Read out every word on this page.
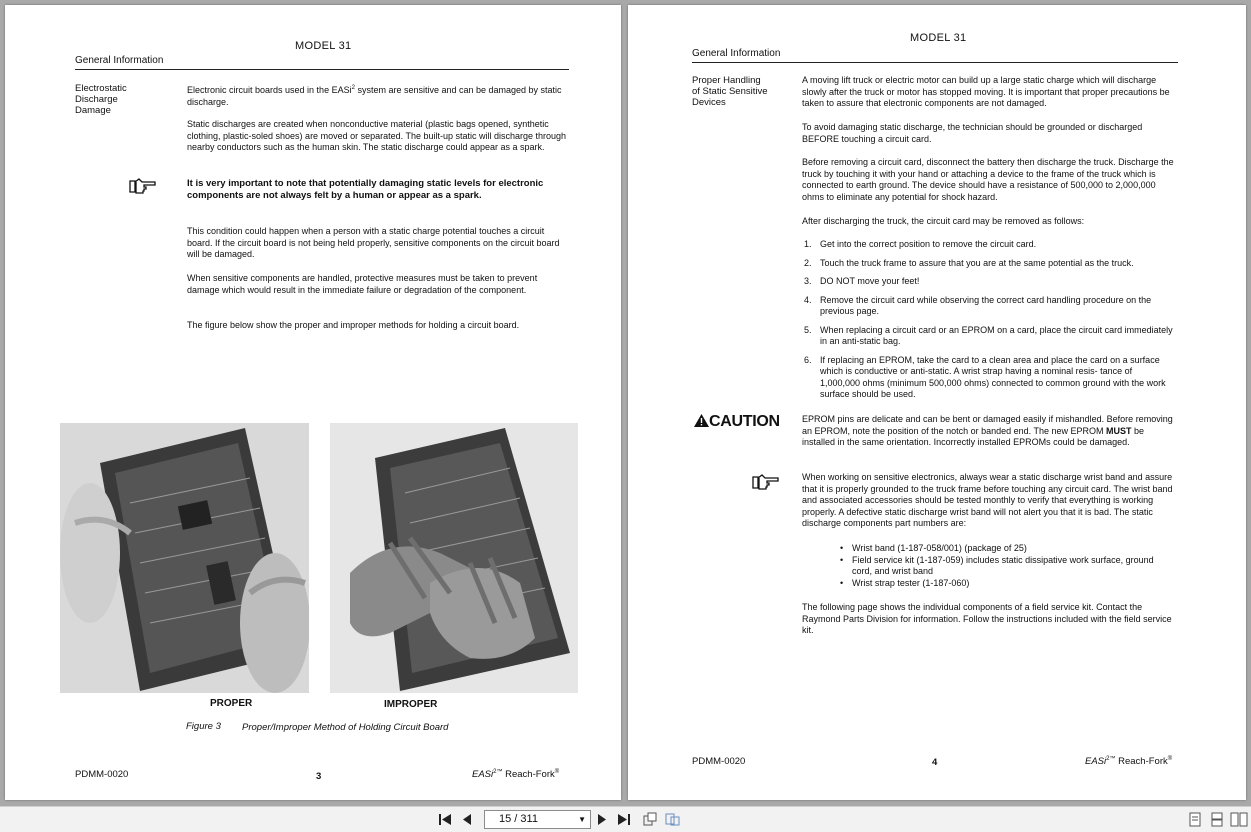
MODEL 31
General Information
Electrostatic
Discharge
Damage
Electronic circuit boards used in the EASi$^2$ system are sensitive and can be damaged by static discharge.
Static discharges are created when nonconductive material (plastic bags opened, synthetic clothing, plastic-soled shoes) are moved or separated. The built-up static will discharge through nearby conductors such as the human skin. The static discharge could appear as a spark.
It is very important to note that potentially damaging static levels for electronic components are not always felt by a human or appear as a spark.
This condition could happen when a person with a static charge potential touches a circuit board. If the circuit board is not being held properly, sensitive components on the circuit board will be damaged.
When sensitive components are handled, protective measures must be taken to prevent damage which would result in the immediate failure or degradation of the component.
The figure below show the proper and improper methods for holding a circuit board.
PROPER	IMPROPER
Figure 3 Proper/Improper Method of Holding Circuit Board
PDMM-0020	3	EASi$^{2™}$ Reach-Fork®
MODEL 31
General Information
Proper Handling
of Static Sensitive
Devices
A moving lift truck or electric motor can build up a large static charge which will discharge slowly after the truck or motor has stopped moving. It is important that proper precautions be taken to assure that electronic components are not damaged.
To avoid damaging static discharge, the technician should be grounded or discharged BEFORE touching a circuit card.
Before removing a circuit card, disconnect the battery then discharge the truck. Discharge the truck by touching it with your hand or attaching a device to the frame of the truck which is connected to earth ground. The device should have a resistance of 500,000 to 2,000,000 ohms to eliminate any potential for shock hazard.
After discharging the truck, the circuit card may be removed as follows:
1. Get into the correct position to remove the circuit card.
2. Touch the truck frame to assure that you are at the same potential as the truck.
3. DO NOT move your feet!
4. Remove the circuit card while observing the correct card handling procedure on the previous page.
5. When replacing a circuit card or an EPROM on a card, place the circuit card immediately in an anti-static bag.
6. If replacing an EPROM, take the card to a clean area and place the card on a surface which is conductive or anti-static. A wrist strap having a nominal resis- tance of 1,000,000 ohms (minimum 500,000 ohms) connected to common ground with the work surface should be used.
CAUTION EPROM pins are delicate and can be bent or damaged easily if mishandled. Before removing an EPROM, note the position of the notch or banded end. The new EPROM MUST be installed in the same orientation. Incorrectly installed EPROMs could be damaged.
When working on sensitive electronics, always wear a static discharge wrist band and assure that it is properly grounded to the truck frame before touching any circuit card. The wrist band and associated accessories should be tested monthly to verify that everything is working properly. A defective static discharge wrist band will not alert you that it is bad. The static discharge components part numbers are:
• Wrist band (1-187-058/001) (package of 25)
• Field service kit (1-187-059) includes static dissipative work surface, ground cord, and wrist band
• Wrist strap tester (1-187-060)
The following page shows the individual components of a field service kit. Contact the Raymond Parts Division for information. Follow the instructions included with the field service kit.
PDMM-0020	4	EASi$^{2™}$ Reach-Fork®
15 / 311	▼
